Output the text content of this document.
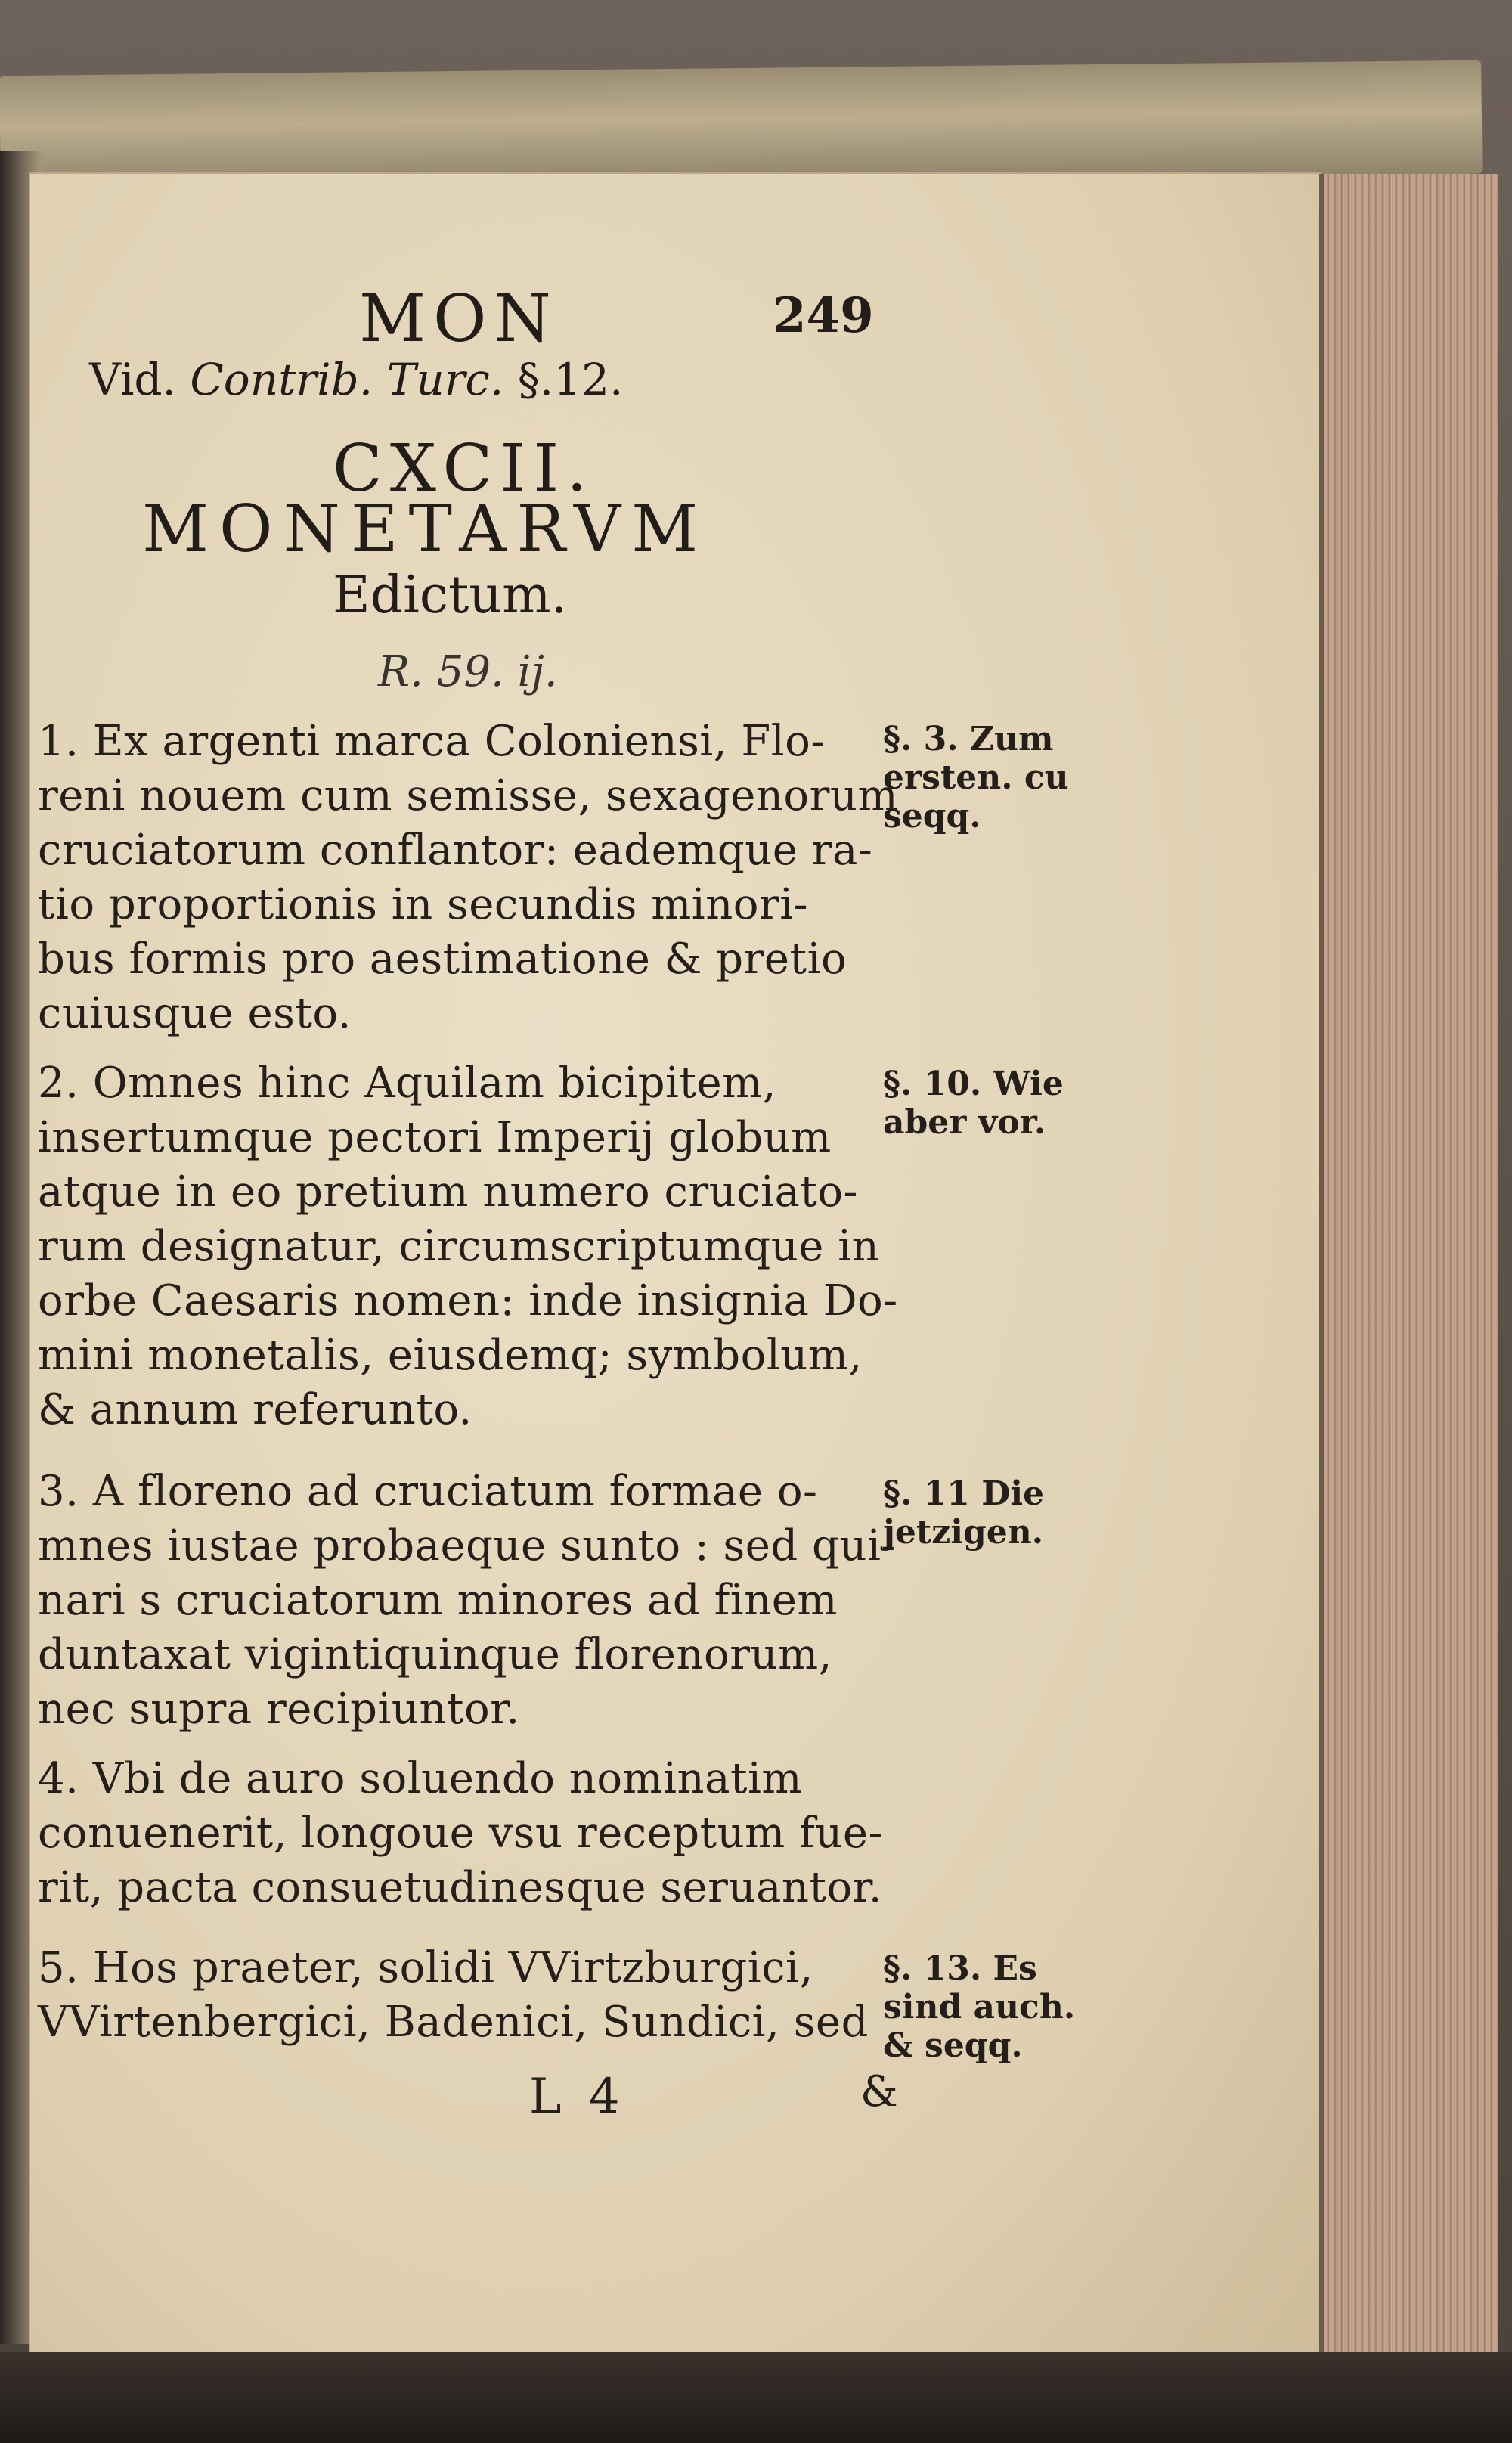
MON	249
Vid. Contrib. Turc. §.12.
CXCII.
MONETARVM
Edictum.
R. 59. ij.
1. Ex argenti marca Coloniensi, Flo-
reni nouem cum semisse, sexagenorum
cruciatorum conflantor: eademque ra-
tio proportionis in secundis minori-
bus formis pro aestimatione & pretio
cuiusque esto.
2. Omnes hinc Aquilam bicipitem,
insertumque pectori Imperij globum
atque in eo pretium numero cruciato-
rum designatur, circumscriptumque in
orbe Caesaris nomen: inde insignia Do-
mini monetalis, eiusdemq; symbolum,
& annum referunto.
3. A floreno ad cruciatum formae o-
mnes iustae probaeque sunto : sed qui-
nari s cruciatorum minores ad finem
duntaxat vigintiquinque florenorum,
nec supra recipiuntor.
4. Vbi de auro soluendo nominatim
conuenerit, longoue vsu receptum fue-
rit, pacta consuetudinesque seruantor.
5. Hos praeter, solidi VVirtzburgici,
VVirtenbergici, Badenici, Sundici, sed
§. 3. Zum
ersten. cu
seqq.
§. 10. Wie
aber vor.
§. 11 Die
jetzigen.
§. 13. Es
sind auch.
& seqq.
L 4	&
